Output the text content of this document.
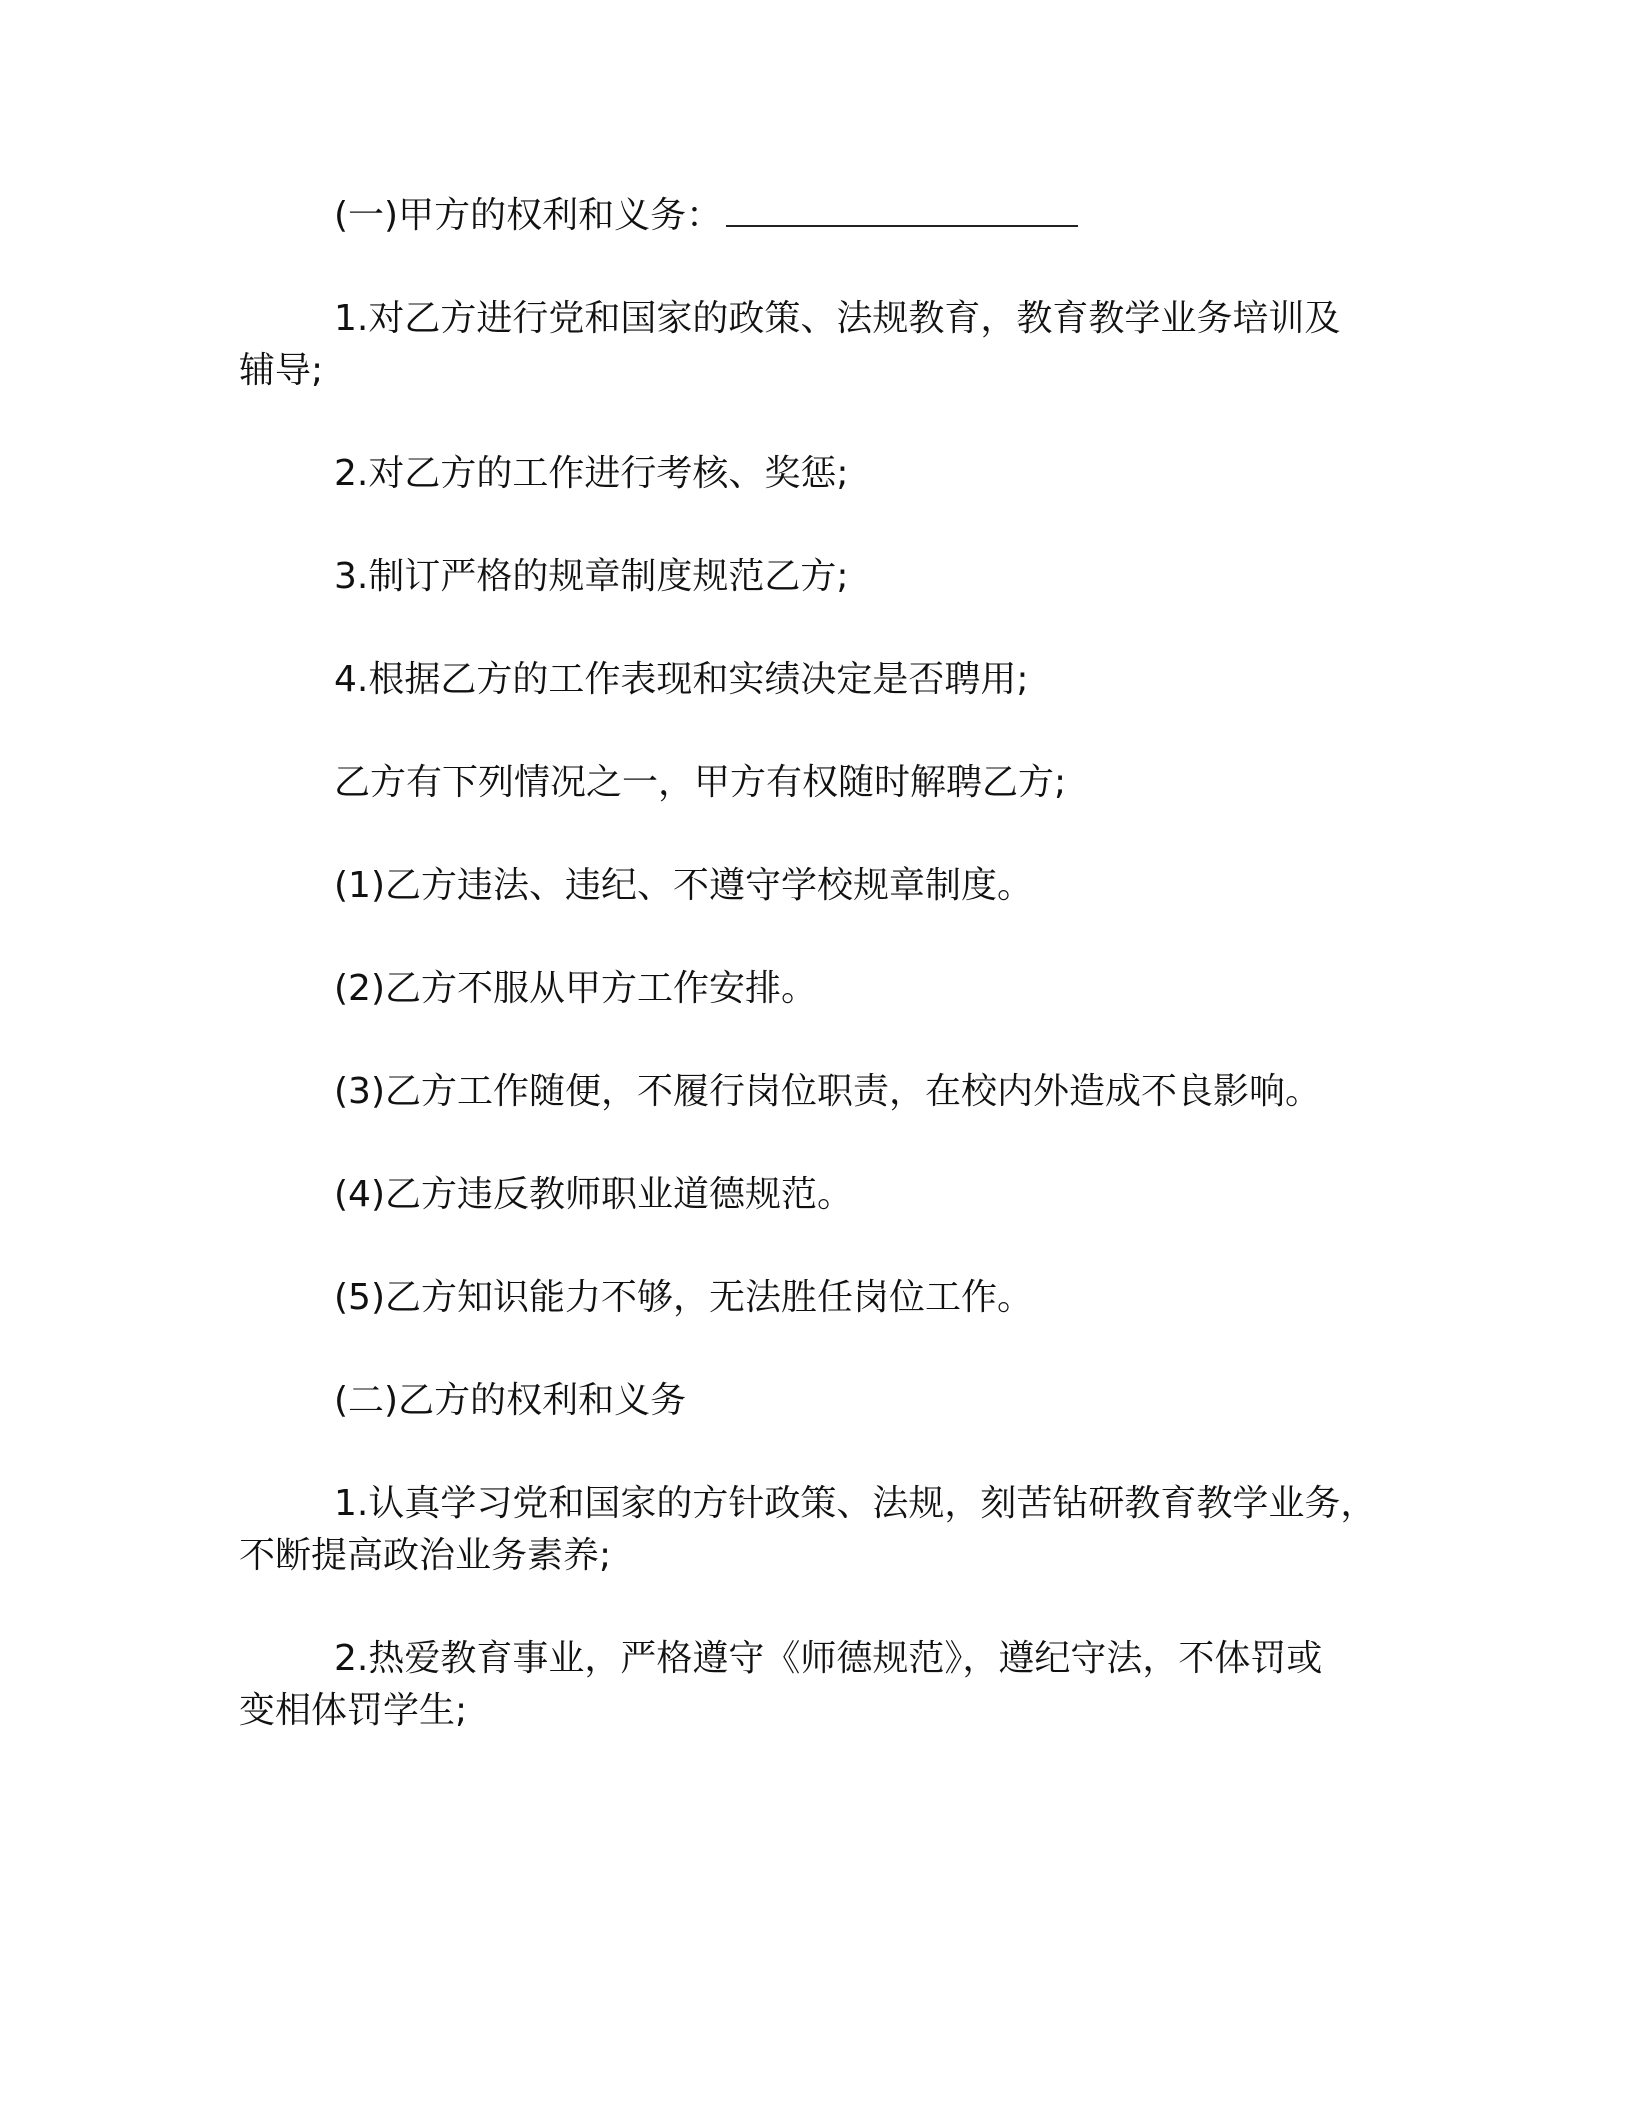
(一)甲方的权利和义务：

1.对乙方进行党和国家的政策、法规教育，教育教学业务培训及
辅导;

2.对乙方的工作进行考核、奖惩;

3.制订严格的规章制度规范乙方;

4.根据乙方的工作表现和实绩决定是否聘用;

乙方有下列情况之一，甲方有权随时解聘乙方;

(1)乙方违法、违纪、不遵守学校规章制度。

(2)乙方不服从甲方工作安排。

(3)乙方工作随便，不履行岗位职责，在校内外造成不良影响。

(4)乙方违反教师职业道德规范。

(5)乙方知识能力不够，无法胜任岗位工作。

(二)乙方的权利和义务

1.认真学习党和国家的方针政策、法规，刻苦钻研教育教学业务，
不断提高政治业务素养;

2.热爱教育事业，严格遵守《师德规范》，遵纪守法，不体罚或
变相体罚学生;
